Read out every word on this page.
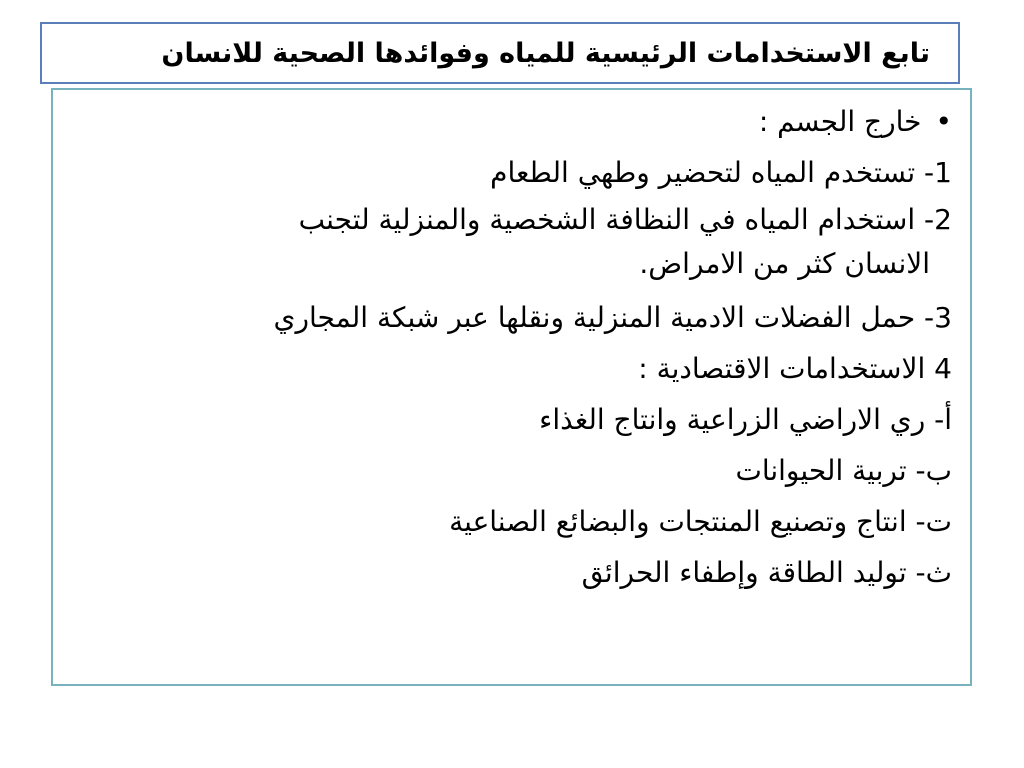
تابع الاستخدامات الرئيسية للمياه وفوائدها الصحية للانسان

•خارج الجسم :

1- تستخدم المياه لتحضير وطهي الطعام

2- استخدام المياه في النظافة الشخصية والمنزلية لتجنب
الانسان كثر من الامراض.

3- حمل الفضلات الادمية المنزلية ونقلها عبر شبكة المجاري

4 الاستخدامات الاقتصادية :

أ- ري الاراضي الزراعية وانتاج الغذاء

ب- تربية الحيوانات

ت- انتاج وتصنيع المنتجات والبضائع الصناعية

ث- توليد الطاقة وإطفاء الحرائق
